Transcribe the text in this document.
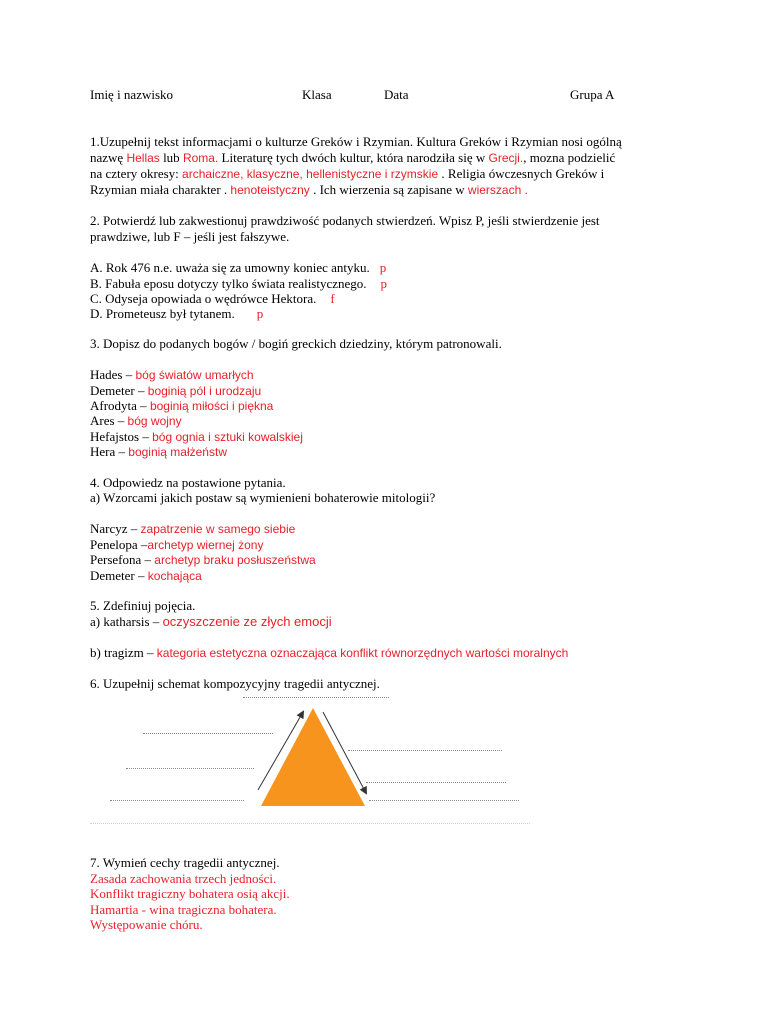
Imię i nazwisko	Klasa	Data	Grupa A
1.Uzupełnij tekst informacjami o kulturze Greków i Rzymian. Kultura Greków i Rzymian nosi ogólną
nazwę Hellas lub Roma. Literaturę tych dwóch kultur, która narodziła się w Grecji., mozna podzielić
na cztery okresy: archaiczne, klasyczne, hellenistyczne i rzymskie . Religia ówczesnych Greków i
Rzymian miała charakter . henoteistyczny . Ich wierzenia są zapisane w wierszach .
2. Potwierdź lub zakwestionuj prawdziwość podanych stwierdzeń. Wpisz P, jeśli stwierdzenie jest
prawdziwe, lub F – jeśli jest fałszywe.
A. Rok 476 n.e. uważa się za umowny koniec antyku. p
B. Fabuła eposu dotyczy tylko świata realistycznego. p
C. Odyseja opowiada o wędrówce Hektora. f
D. Prometeusz był tytanem. p
3. Dopisz do podanych bogów / bogiń greckich dziedziny, którym patronowali.
Hades – bóg światów umarłych
Demeter – boginią pól i urodzaju
Afrodyta – boginią miłości i piękna
Ares – bóg wojny
Hefajstos – bóg ognia i sztuki kowalskiej
Hera – boginią małżeństw
4. Odpowiedz na postawione pytania.
a) Wzorcami jakich postaw są wymienieni bohaterowie mitologii?
Narcyz – zapatrzenie w samego siebie
Penelopa –archetyp wiernej żony
Persefona – archetyp braku posłuszeństwa
Demeter – kochająca
5. Zdefiniuj pojęcia.
a) katharsis – oczyszczenie ze złych emocji
b) tragizm – kategoria estetyczna oznaczająca konflikt równorzędnych wartości moralnych
6. Uzupełnij schemat kompozycyjny tragedii antycznej.
7. Wymień cechy tragedii antycznej.
Zasada zachowania trzech jedności.
Konflikt tragiczny bohatera osią akcji.
Hamartia - wina tragiczna bohatera.
Występowanie chóru.
